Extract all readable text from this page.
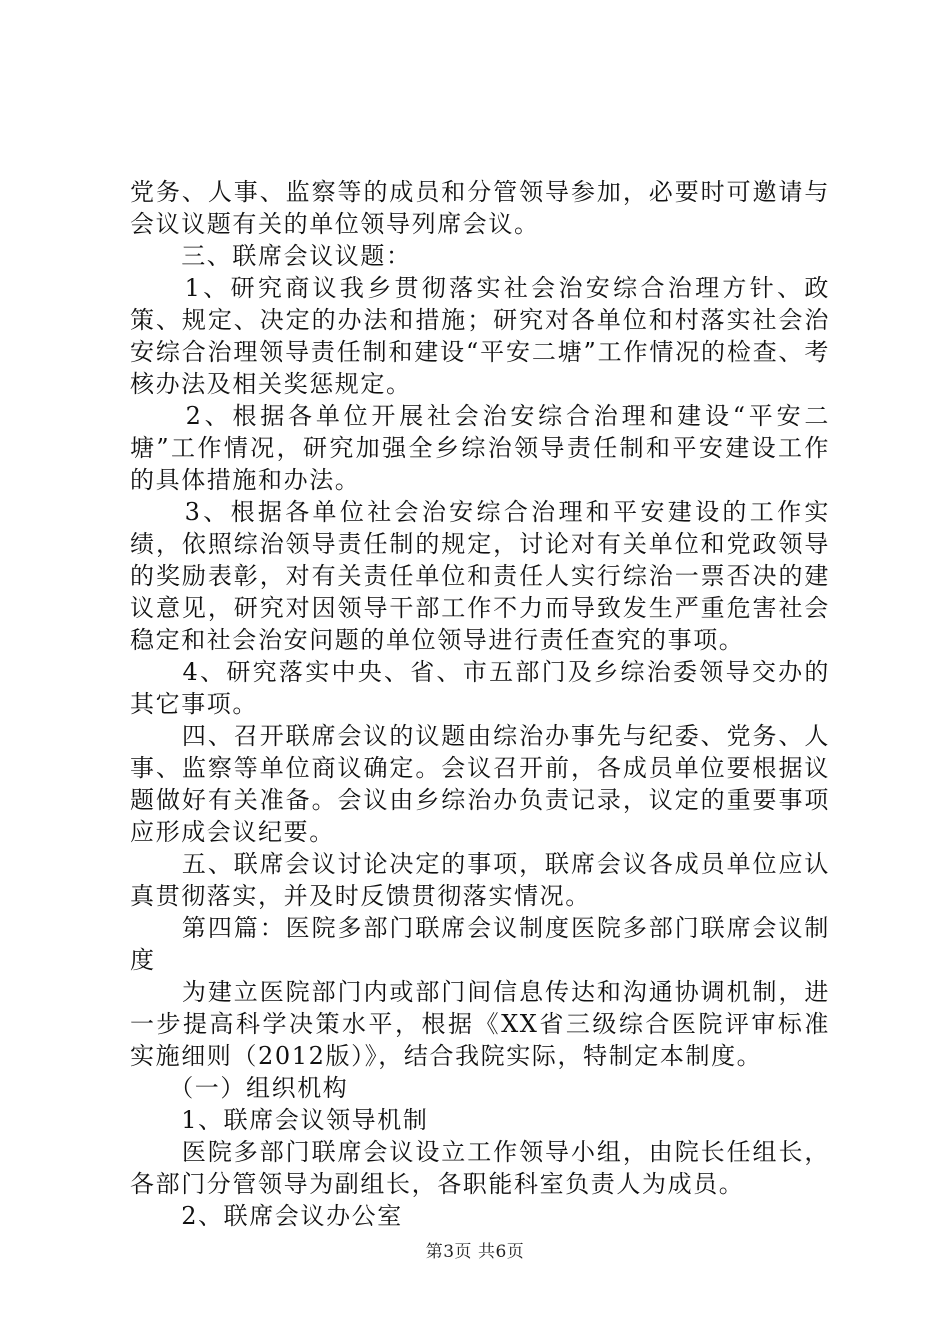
党务、人事、监察等的成员和分管领导参加，必要时可邀请与会议议题有关的单位领导列席会议。

　　三、联席会议议题：

　　1、研究商议我乡贯彻落实社会治安综合治理方针、政策、规定、决定的办法和措施；研究对各单位和村落实社会治安综合治理领导责任制和建设“平安二塘”工作情况的检查、考核办法及相关奖惩规定。

　　2、根据各单位开展社会治安综合治理和建设“平安二塘”工作情况，研究加强全乡综治领导责任制和平安建设工作的具体措施和办法。

　　3、根据各单位社会治安综合治理和平安建设的工作实绩，依照综治领导责任制的规定，讨论对有关单位和党政领导的奖励表彰，对有关责任单位和责任人实行综治一票否决的建议意见，研究对因领导干部工作不力而导致发生严重危害社会稳定和社会治安问题的单位领导进行责任查究的事项。

　　4、研究落实中央、省、市五部门及乡综治委领导交办的其它事项。

　　四、召开联席会议的议题由综治办事先与纪委、党务、人事、监察等单位商议确定。会议召开前，各成员单位要根据议题做好有关准备。会议由乡综治办负责记录，议定的重要事项应形成会议纪要。

　　五、联席会议讨论决定的事项，联席会议各成员单位应认真贯彻落实，并及时反馈贯彻落实情况。

　　第四篇：医院多部门联席会议制度医院多部门联席会议制度

　　为建立医院部门内或部门间信息传达和沟通协调机制，进一步提高科学决策水平，根据《XX省三级综合医院评审标准实施细则（2012版）》，结合我院实际，特制定本制度。

　　（一）组织机构

　　1、联席会议领导机制

　　医院多部门联席会议设立工作领导小组，由院长任组长，各部门分管领导为副组长，各职能科室负责人为成员。

　　2、联席会议办公室

第3页 共6页
